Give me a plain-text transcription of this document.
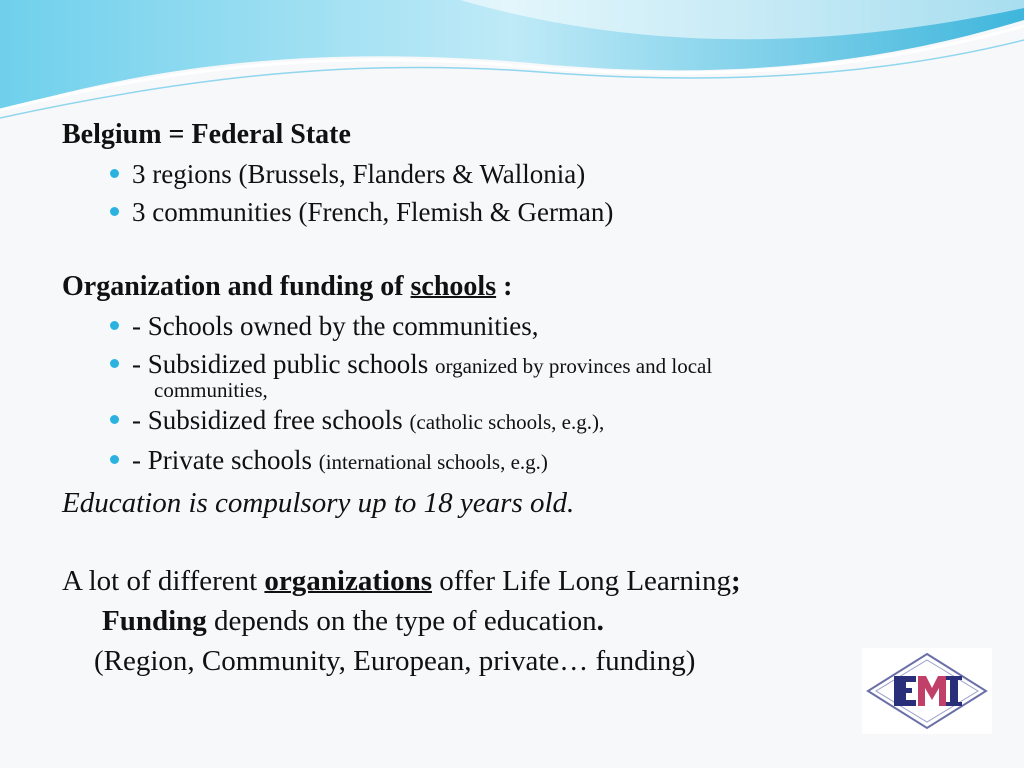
Belgium = Federal State

3 regions (Brussels, Flanders & Wallonia)
3 communities (French, Flemish & German)

Organization and funding of schools :

- Schools owned by the communities,
- Subsidized public schools organized by provinces and local
communities,
- Subsidized free schools (catholic schools, e.g.),
- Private schools (international schools, e.g.)
Education is compulsory up to 18 years old.
A lot of different organizations offer Life Long Learning;
Funding depends on the type of education.
(Region, Community, European, private… funding)
